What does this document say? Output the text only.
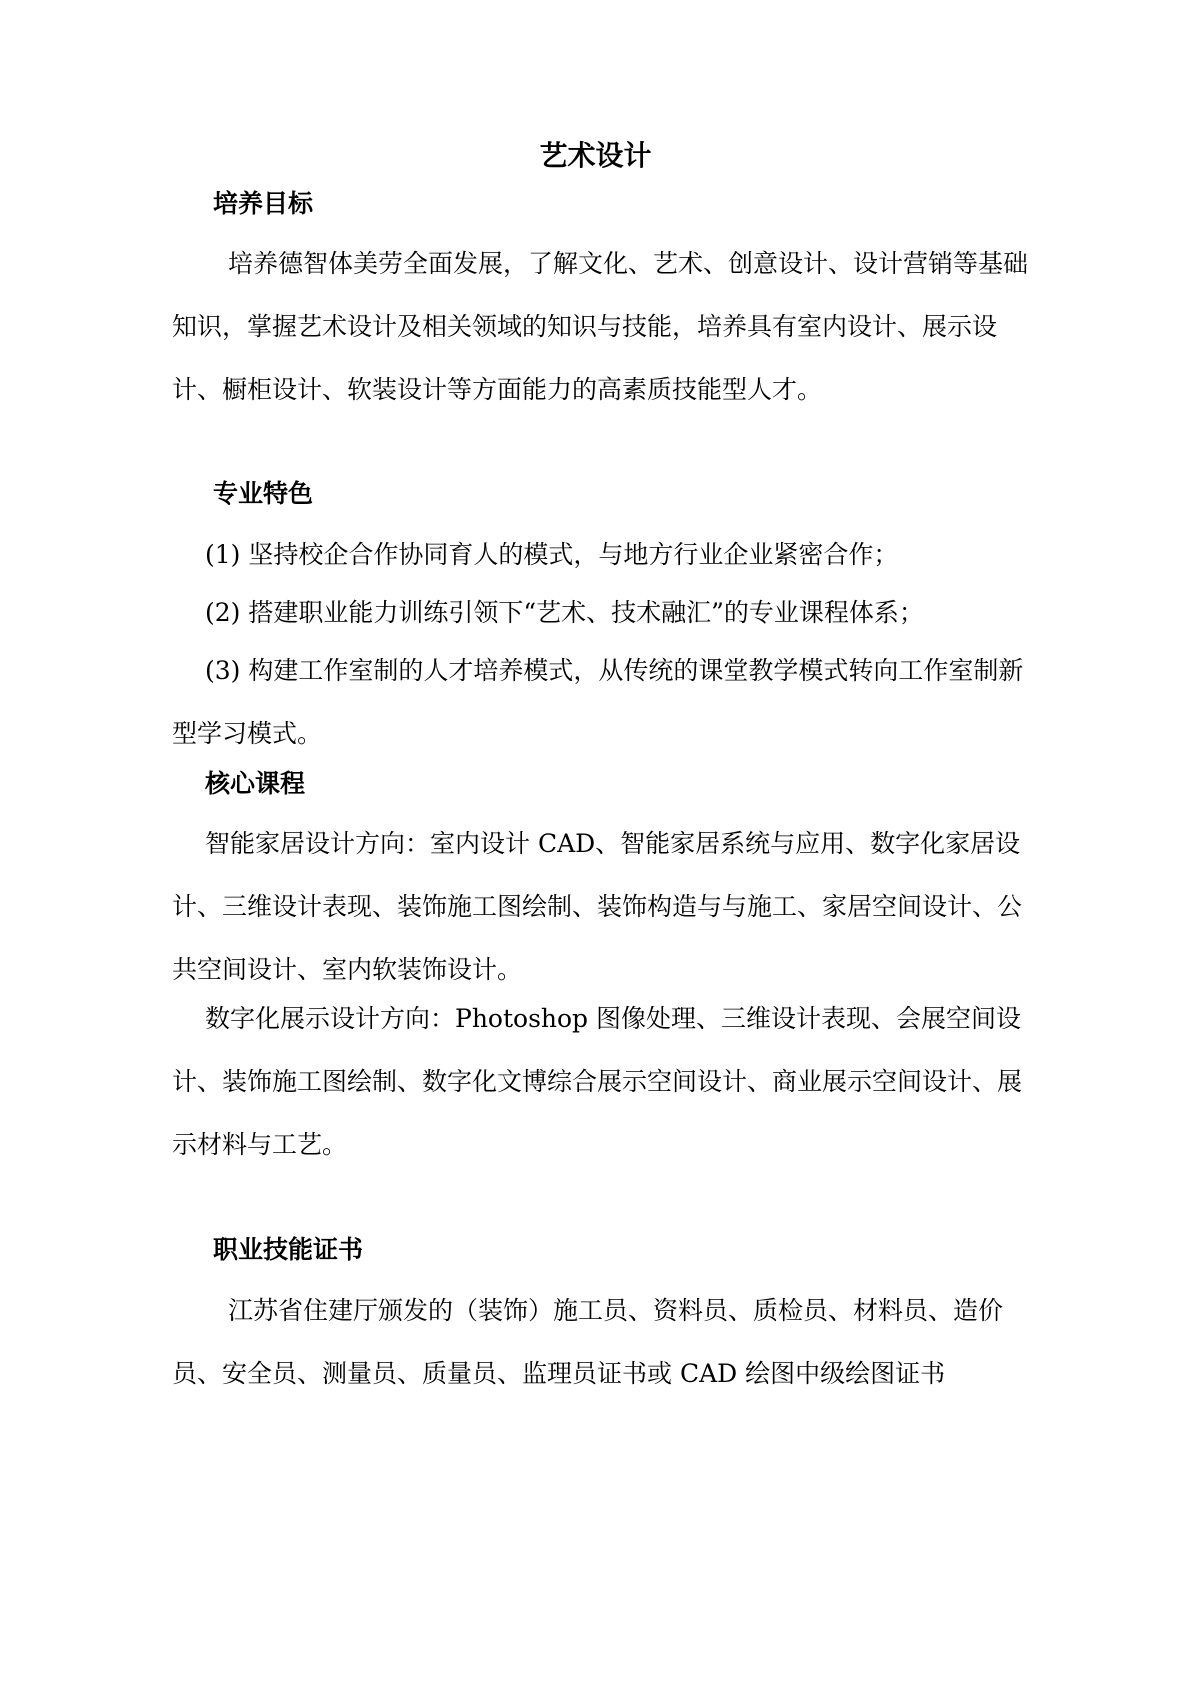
艺术设计
培养目标

培养德智体美劳全面发展，了解文化、艺术、创意设计、设计营销等基础知识，掌握艺术设计及相关领域的知识与技能，培养具有室内设计、展示设计、橱柜设计、软装设计等方面能力的高素质技能型人才。

专业特色
(1) 坚持校企合作协同育人的模式，与地方行业企业紧密合作；
(2) 搭建职业能力训练引领下“艺术、技术融汇”的专业课程体系；

(3) 构建工作室制的人才培养模式，从传统的课堂教学模式转向工作室制新型学习模式。

核心课程

智能家居设计方向：室内设计 CAD、智能家居系统与应用、数字化家居设计、三维设计表现、装饰施工图绘制、装饰构造与与施工、家居空间设计、公共空间设计、室内软装饰设计。

数字化展示设计方向：Photoshop 图像处理、三维设计表现、会展空间设计、装饰施工图绘制、数字化文博综合展示空间设计、商业展示空间设计、展示材料与工艺。

职业技能证书

江苏省住建厅颁发的（装饰）施工员、资料员、质检员、材料员、造价员、安全员、测量员、质量员、监理员证书或 CAD 绘图中级绘图证书
